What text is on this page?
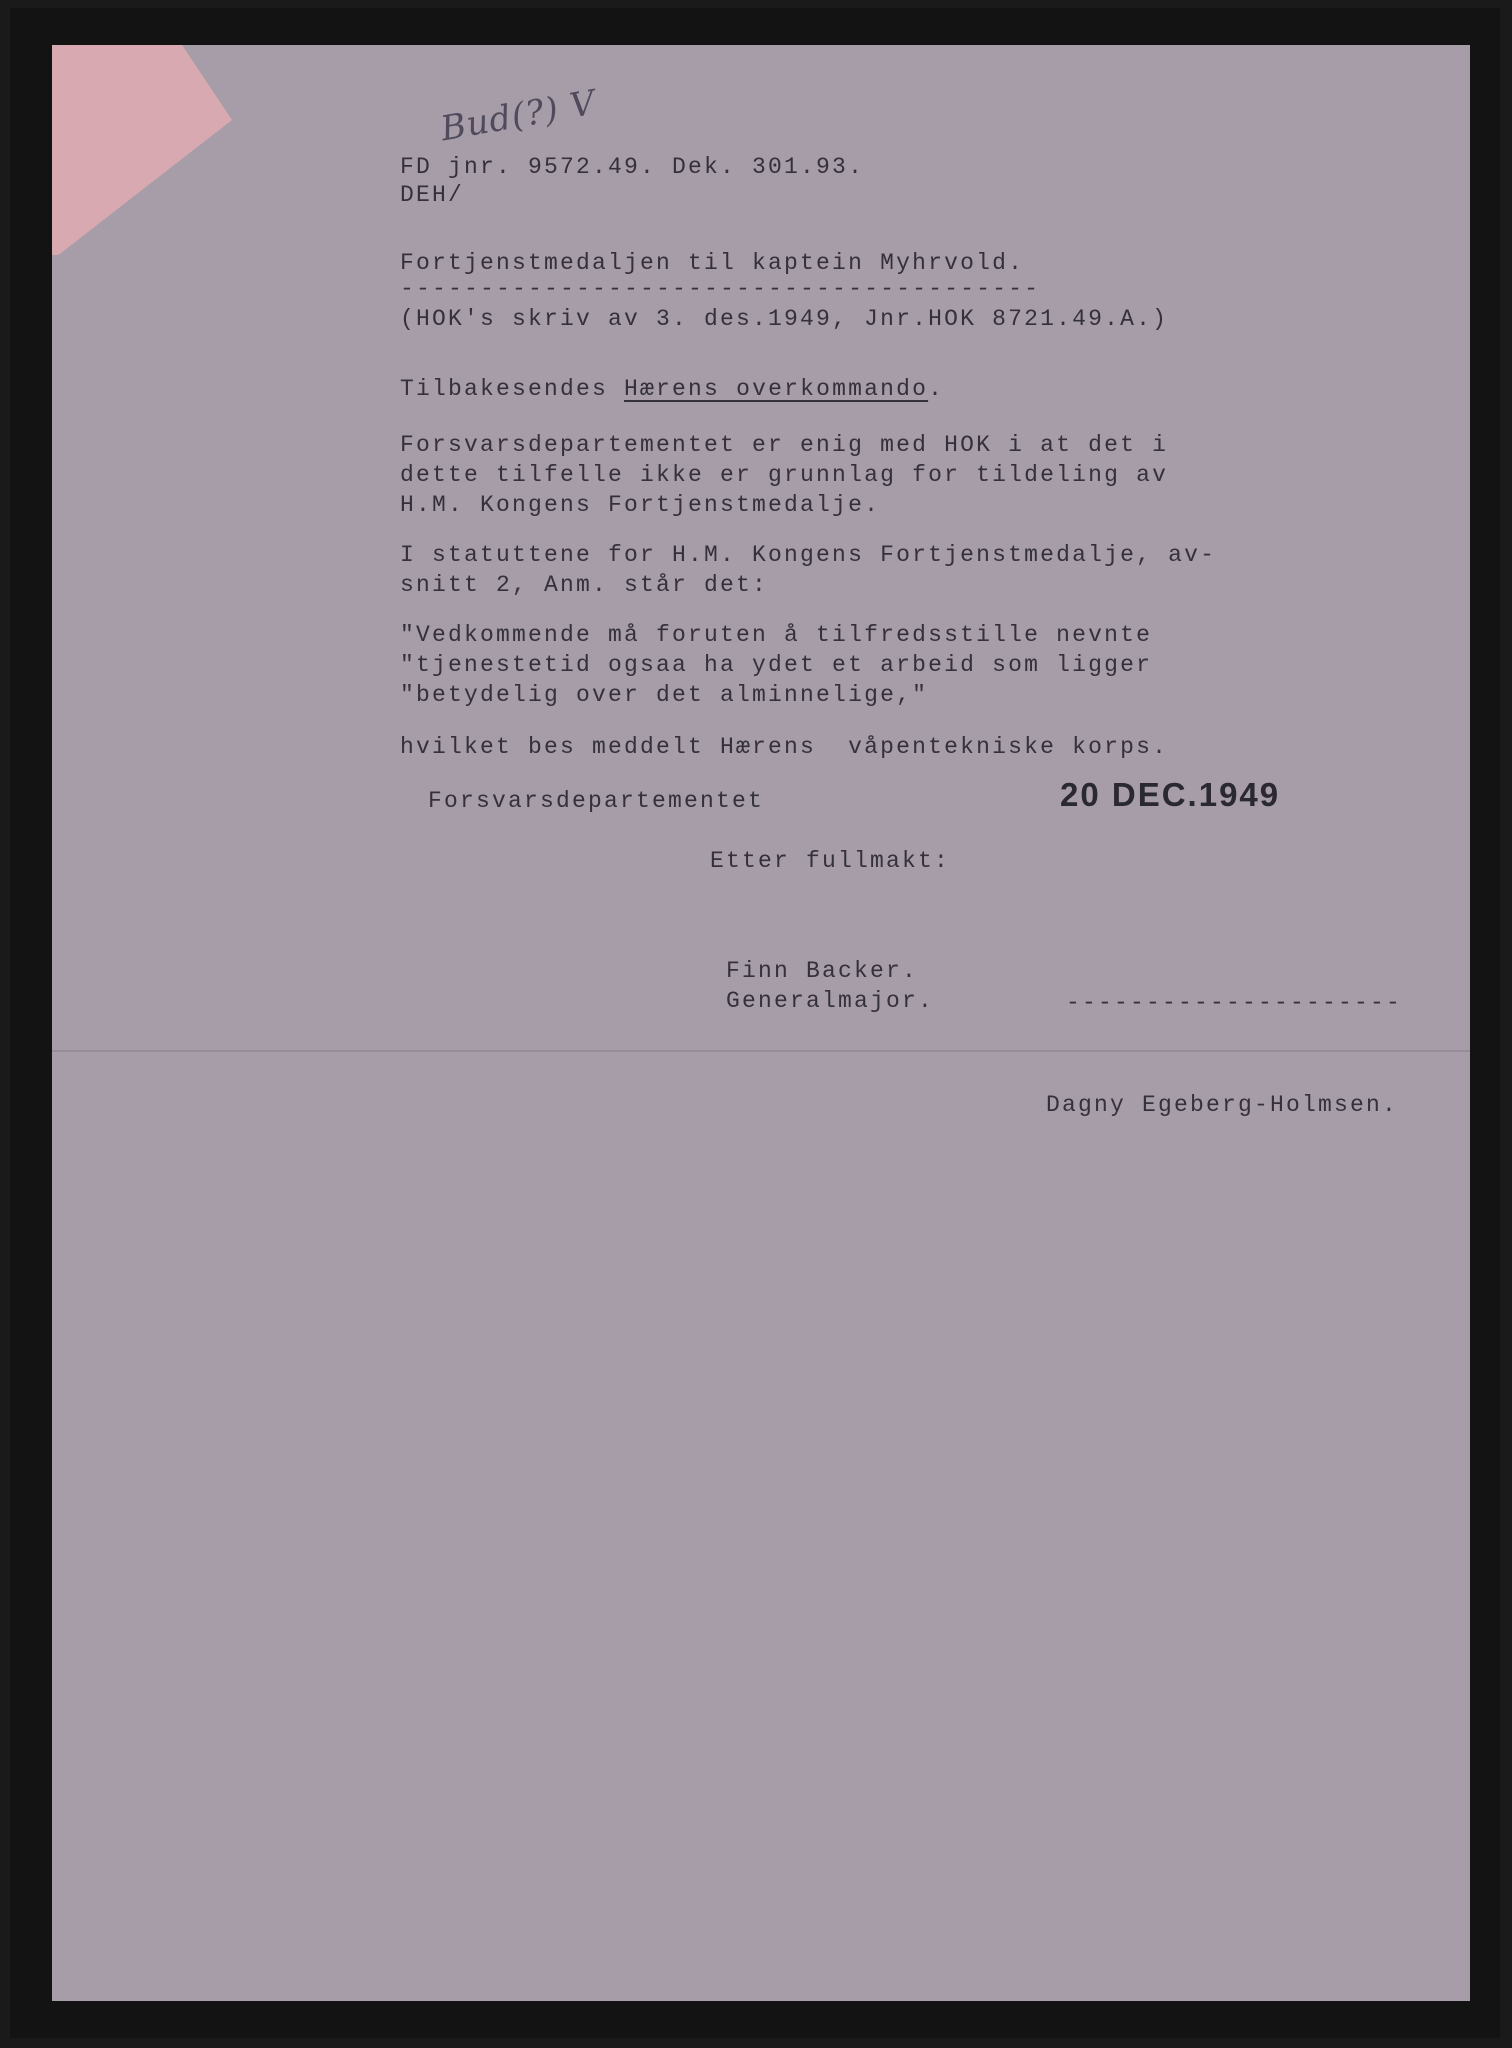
Bud(?) V

FD jnr. 9572.49. Dek. 301.93.

DEH/

Fortjenstmedaljen til kaptein Myhrvold.

----------------------------------------

(HOK's skriv av 3. des.1949, Jnr.HOK 8721.49.A.)

Tilbakesendes Hærens overkommando.

Forsvarsdepartementet er enig med HOK i at det i

dette tilfelle ikke er grunnlag for tildeling av

H.M. Kongens Fortjenstmedalje.

I statuttene for H.M. Kongens Fortjenstmedalje, av-

snitt 2, Anm. står det:

"Vedkommende må foruten å tilfredsstille nevnte

"tjenestetid ogsaa ha ydet et arbeid som ligger

"betydelig over det alminnelige,"

hvilket bes meddelt Hærens  våpentekniske korps.

Forsvarsdepartementet	20 DEC.1949

Etter fullmakt:

Finn Backer.

Generalmajor.	---------------------

Dagny Egeberg-Holmsen.
